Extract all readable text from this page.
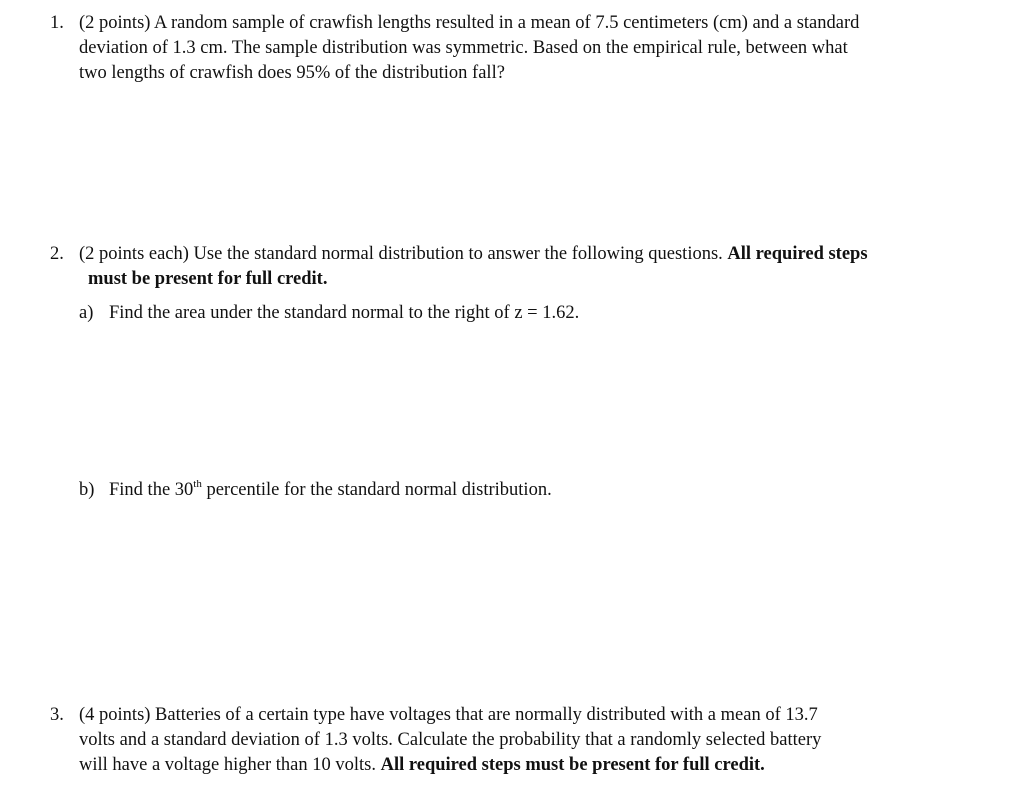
1. (2 points) A random sample of crawfish lengths resulted in a mean of 7.5 centimeters (cm) and a standard
deviation of 1.3 cm. The sample distribution was symmetric. Based on the empirical rule, between what
two lengths of crawfish does 95% of the distribution fall?
2. (2 points each) Use the standard normal distribution to answer the following questions. All required steps
must be present for full credit.
a) Find the area under the standard normal to the right of z = 1.62.
b) Find the 30th percentile for the standard normal distribution.
3. (4 points) Batteries of a certain type have voltages that are normally distributed with a mean of 13.7
volts and a standard deviation of 1.3 volts. Calculate the probability that a randomly selected battery
will have a voltage higher than 10 volts. All required steps must be present for full credit.
